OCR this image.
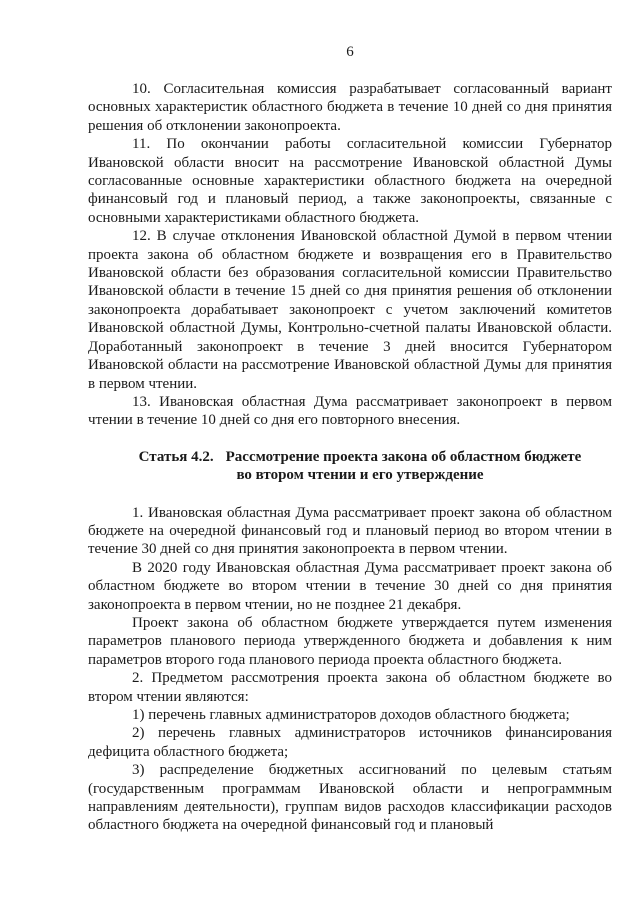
6

10. Согласительная комиссия разрабатывает согласованный вариант основных характеристик областного бюджета в течение 10 дней со дня принятия решения об отклонении законопроекта.

11. По окончании работы согласительной комиссии Губернатор Ивановской области вносит на рассмотрение Ивановской областной Думы согласованные основные характеристики областного бюджета на очередной финансовый год и плановый период, а также законопроекты, связанные с основными характеристиками областного бюджета.

12. В случае отклонения Ивановской областной Думой в первом чтении проекта закона об областном бюджете и возвращения его в Правительство Ивановской области без образования согласительной комиссии Правительство Ивановской области в течение 15 дней со дня принятия решения об отклонении законопроекта дорабатывает законопроект с учетом заключений комитетов Ивановской областной Думы, Контрольно-счетной палаты Ивановской области. Доработанный законопроект в течение 3 дней вносится Губернатором Ивановской области на рассмотрение Ивановской областной Думы для принятия в первом чтении.

13. Ивановская областная Дума рассматривает законопроект в первом чтении в течение 10 дней со дня его повторного внесения.

Статья 4.2. Рассмотрение проекта закона об областном бюджете
во втором чтении и его утверждение

1. Ивановская областная Дума рассматривает проект закона об областном бюджете на очередной финансовый год и плановый период во втором чтении в течение 30 дней со дня принятия законопроекта в первом чтении.

В 2020 году Ивановская областная Дума рассматривает проект закона об областном бюджете во втором чтении в течение 30 дней со дня принятия законопроекта в первом чтении, но не позднее 21 декабря.

Проект закона об областном бюджете утверждается путем изменения параметров планового периода утвержденного бюджета и добавления к ним параметров второго года планового периода проекта областного бюджета.

2. Предметом рассмотрения проекта закона об областном бюджете во втором чтении являются:

1) перечень главных администраторов доходов областного бюджета;

2) перечень главных администраторов источников финансирования дефицита областного бюджета;

3) распределение бюджетных ассигнований по целевым статьям (государственным программам Ивановской области и непрограммным направлениям деятельности), группам видов расходов классификации расходов областного бюджета на очередной финансовый год и плановый
